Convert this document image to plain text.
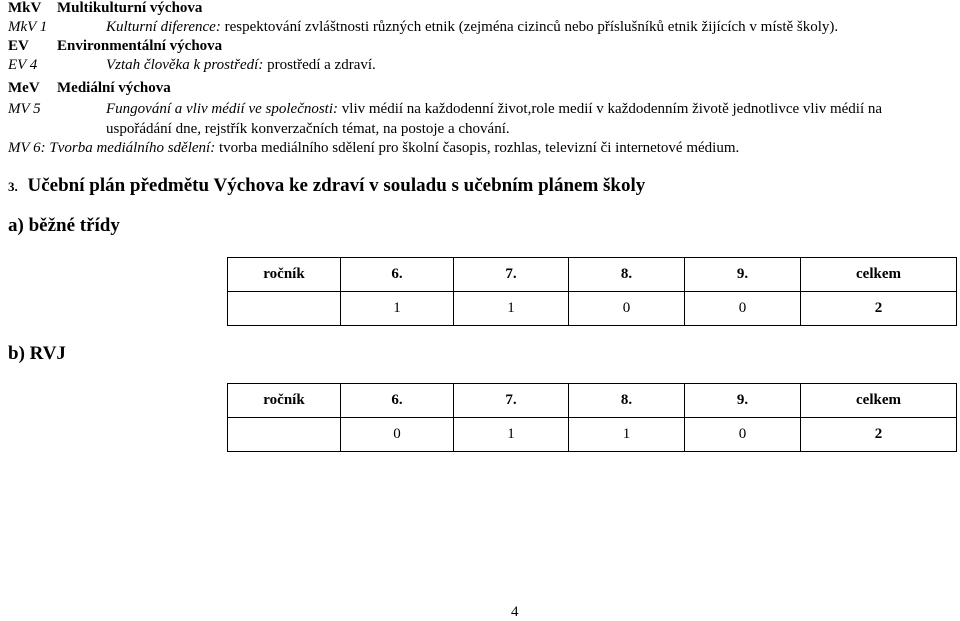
MkV Multikulturní výchova
MkV 1	Kulturní diference: respektování zvláštnosti různých etnik (zejména cizinců nebo příslušníků etnik žijících v místě školy).
EV Environmentální výchova
EV 4	Vztah člověka k prostředí: prostředí a zdraví.
MeV Mediální výchova
MV 5	Fungování a vliv médií ve společnosti: vliv médií na každodenní život,role medií v každodenním životě jednotlivce vliv médií na
uspořádání dne, rejstřík konverzačních témat, na postoje a chování.
MV 6: Tvorba mediálního sdělení: tvorba mediálního sdělení pro školní časopis, rozhlas, televizní či internetové médium.
3. Učební plán předmětu Výchova ke zdraví v souladu s učebním plánem školy
a) běžné třídy
ročník	6.	7.	8.	9.	celkem
	1	1	0	0	2
b) RVJ
ročník	6.	7.	8.	9.	celkem
	0	1	1	0	2
4
